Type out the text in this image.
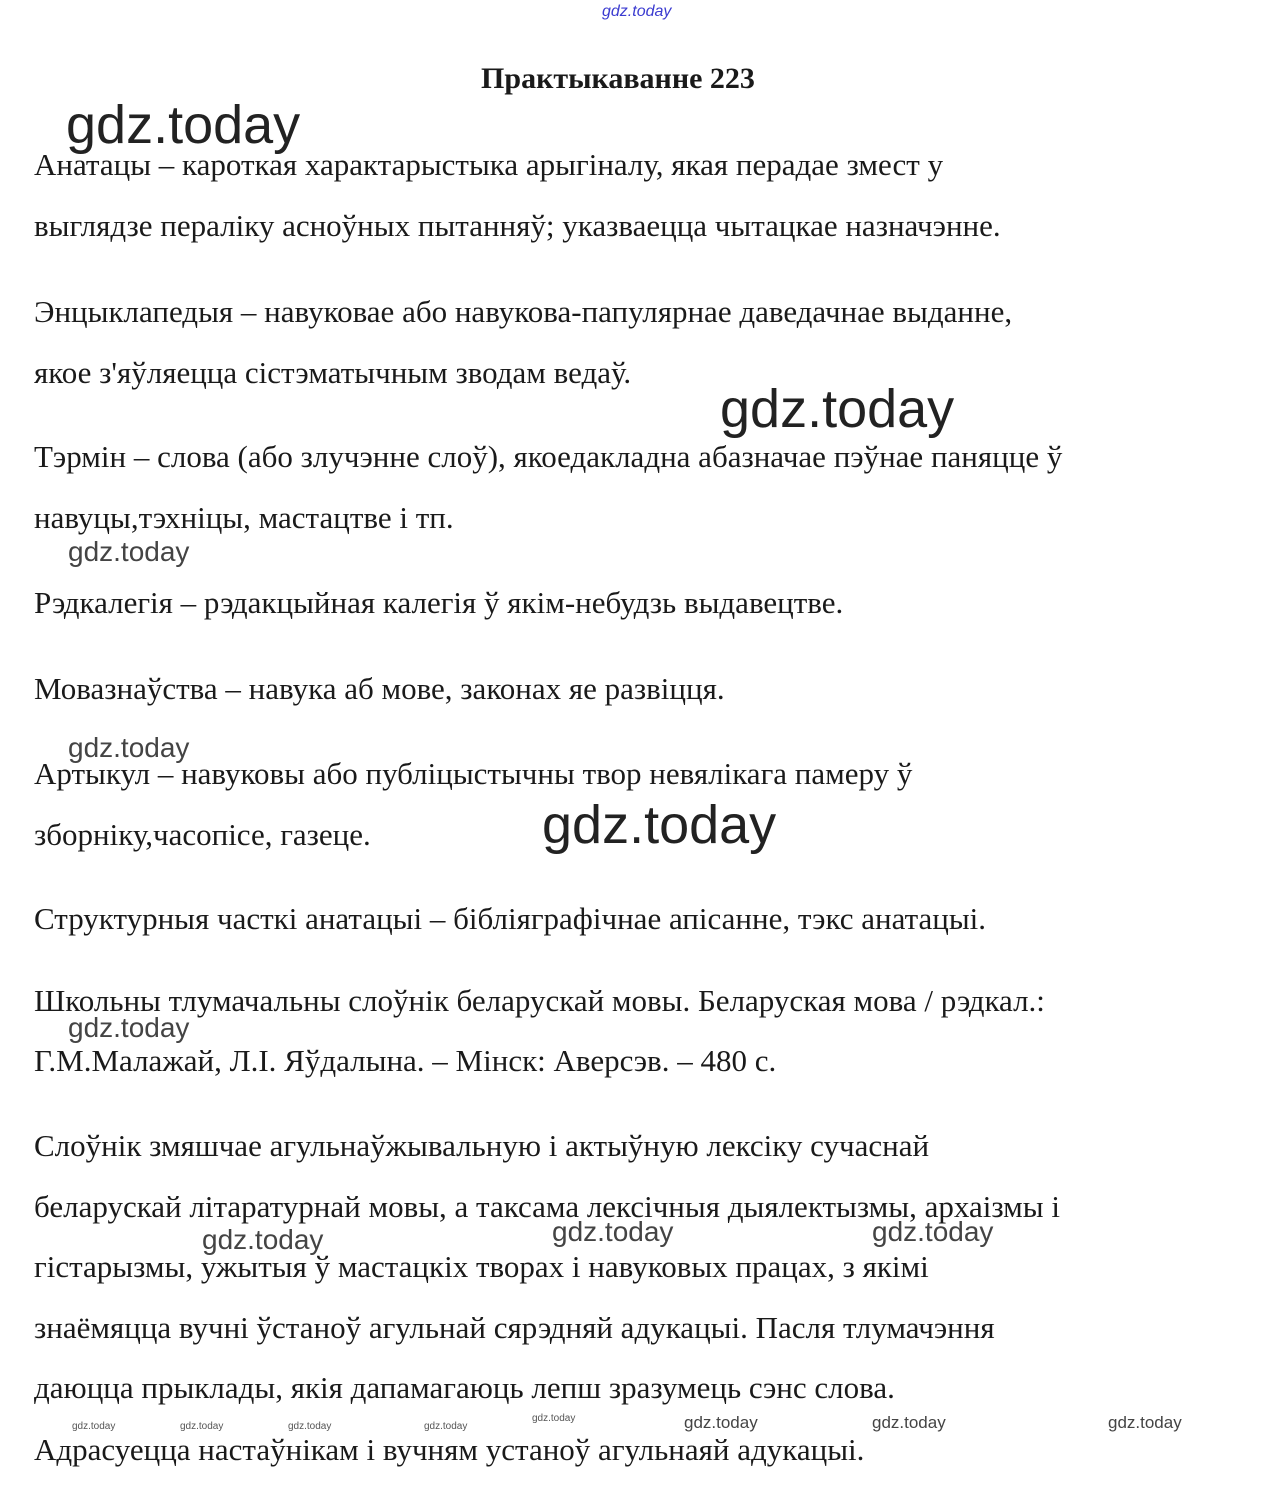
gdz.today
gdz.today
gdz.today
gdz.today
gdz.today
gdz.today
gdz.today
gdz.today	gdz.today	gdz.today
gdz.today	gdz.today	gdz.today	gdz.today
gdz.today	gdz.today	gdz.today	gdz.today
Практыкаванне 223
Анатацы – кароткая характарыстыка арыгіналу, якая перадае змест у
выглядзе пераліку асноўных пытанняў; указваецца чытацкае назначэнне.
Энцыклапедыя – навуковае або навукова-папулярнае даведачнае выданне,
якое з'яўляецца сістэматычным зводам ведаў.
Тэрмін – слова (або злучэнне слоў), якоедакладна абазначае пэўнае паняцце ў
навуцы,тэхніцы, мастацтве і тп.
Рэдкалегія – рэдакцыйная калегія ў якім-небудзь выдавецтве.
Мовазнаўства – навука аб мове, законах яе развіцця.
Артыкул – навуковы або публіцыстычны твор невялікага памеру ў
зборніку,часопісе, газеце.
Структурныя часткі анатацыі – бібліяграфічнае апісанне, тэкс анатацыі.
Школьны тлумачальны слоўнік беларускай мовы. Беларуская мова / рэдкал.:
Г.М.Малажай, Л.І. Яўдалына. – Мінск: Аверсэв. – 480 с.
Слоўнік змяшчае агульнаўжывальную і актыўную лексіку сучаснай
беларускай літаратурнай мовы, а таксама лексічныя дыялектызмы, архаізмы і
гістарызмы, ужытыя ў мастацкіх творах і навуковых працах, з якімі
знаёмяцца вучні ўстаноў агульнай сярэдняй адукацыі. Пасля тлумачэння
даюцца прыклады, якія дапамагаюць лепш зразумець сэнс слова.
Адрасуецца настаўнікам і вучням устаноў агульнаяй адукацыі.
